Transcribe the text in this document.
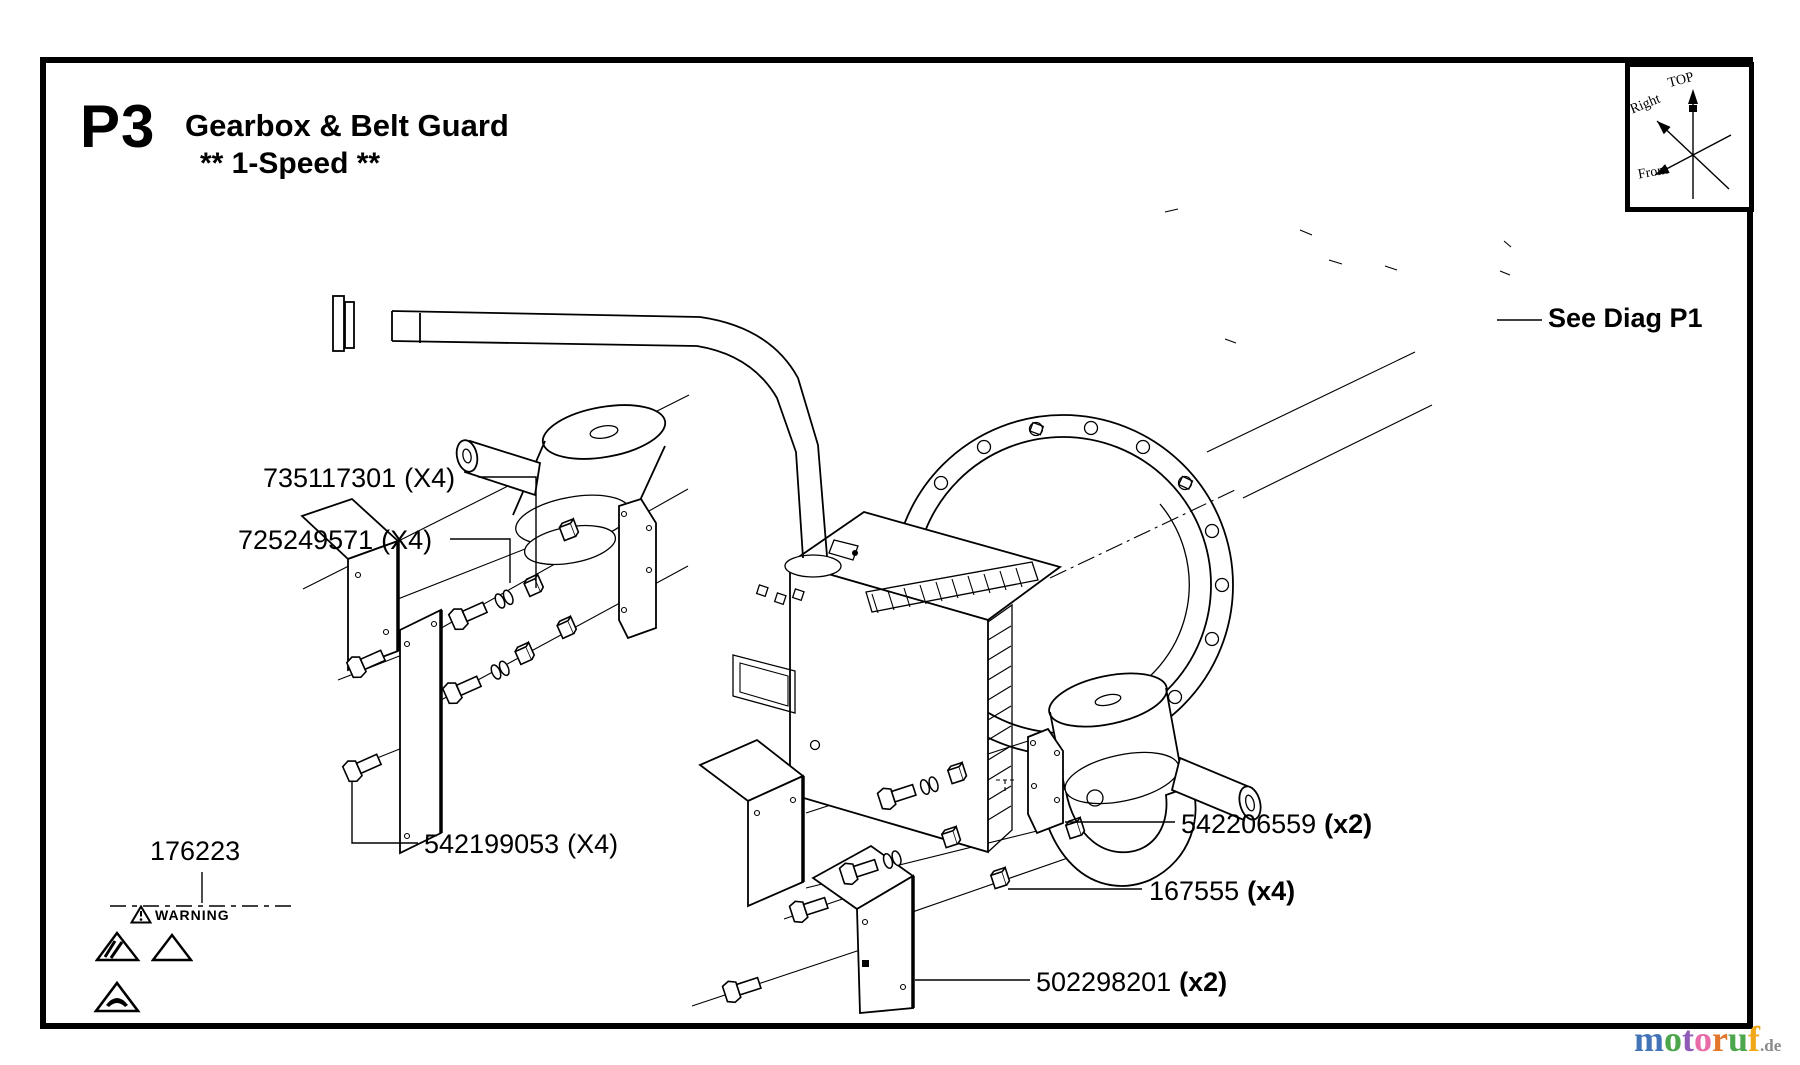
TOP
Right
Front
P3 Gearbox & Belt Guard
** 1-Speed **
See Diag P1
735117301 (X4)
725249571 (X4)
542199053 (X4)
176223
542206559 (x2)
167555 (x4)
502298201 (x2)
WARNING
motoruf.de
